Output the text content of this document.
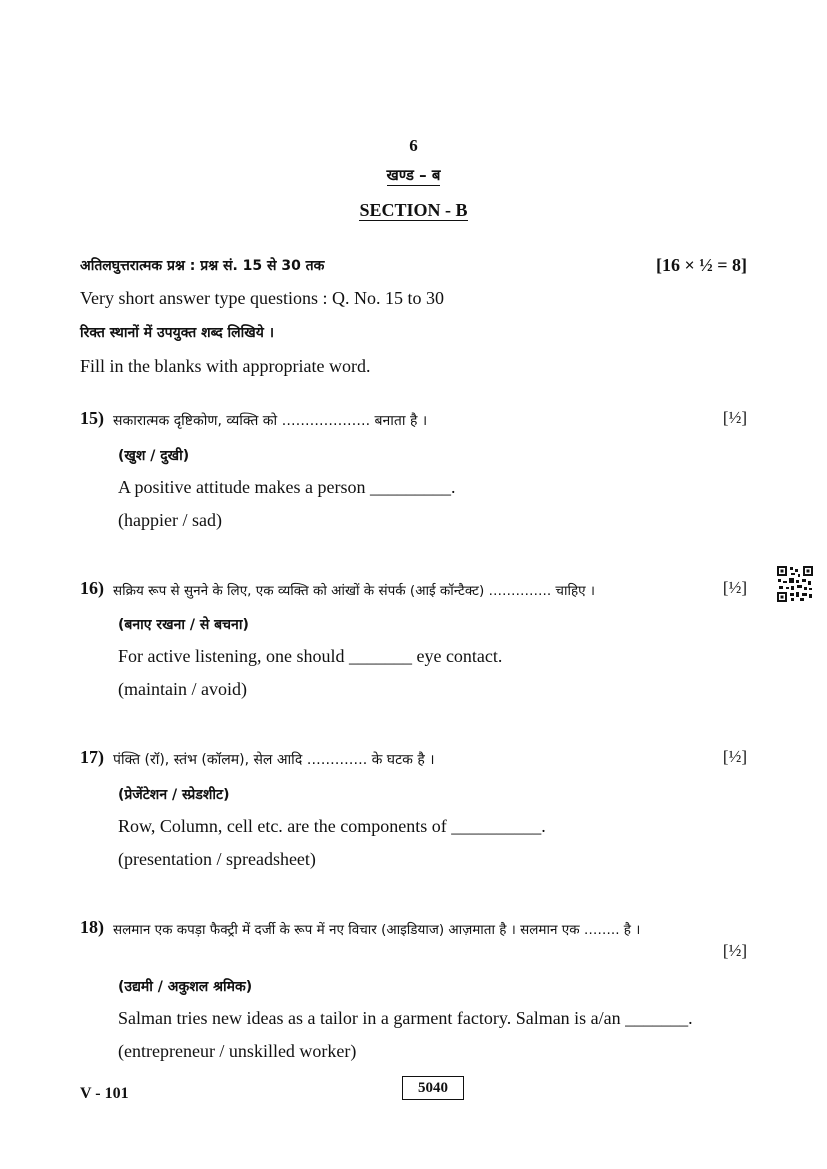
6
खण्ड – ब
SECTION - B
अतिलघुत्तरात्मक प्रश्न : प्रश्न सं. 15 से 30 तक	[16 × ½ = 8]
Very short answer type questions : Q. No. 15 to 30
रिक्त स्थानों में उपयुक्त शब्द लिखिये ।
Fill in the blanks with appropriate word.
15) सकारात्मक दृष्टिकोण, व्यक्ति को ………………. बनाता है ।	[½]
(खुश / दुखी)
A positive attitude makes a person _________.
(happier / sad)
16) सक्रिय रूप से सुनने के लिए, एक व्यक्ति को आंखों के संपर्क (आई कॉन्टैक्ट) ………….. चाहिए ।	[½]
(बनाए रखना / से बचना)
For active listening, one should _______ eye contact.
(maintain / avoid)
17) पंक्ति (रॉ), स्तंभ (कॉलम), सेल आदि …………. के घटक है ।	[½]
(प्रेजेंटेशन / स्प्रेडशीट)
Row, Column, cell etc. are the components of __________.
(presentation / spreadsheet)
18) सलमान एक कपड़ा फैक्ट्री में दर्जी के रूप में नए विचार (आइडियाज) आज़माता है । सलमान एक …….. है ।
[½]
(उद्यमी / अकुशल श्रमिक)
Salman tries new ideas as a tailor in a garment factory. Salman is a/an _______.
(entrepreneur / unskilled worker)
V - 101	5040
